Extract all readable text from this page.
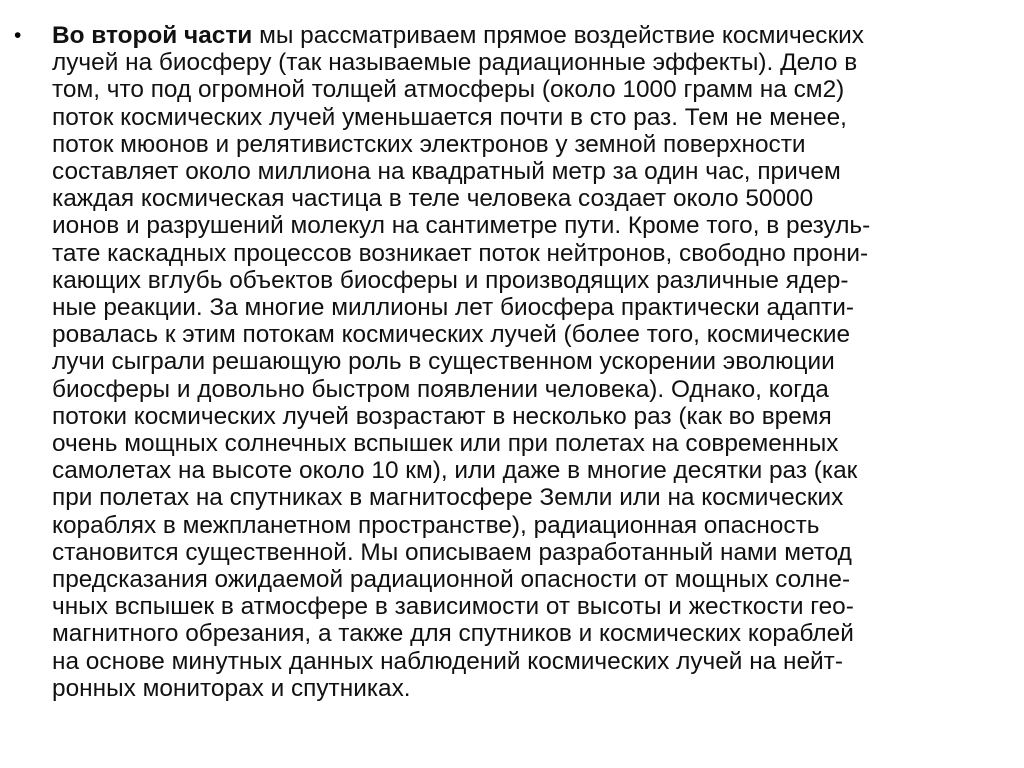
• Во второй части мы рассматриваем прямое воздействие космических
лучей на биосферу (так называемые радиационные эффекты). Дело в
том, что под огромной толщей атмосферы (около 1000 грамм на см2)
поток космических лучей уменьшается почти в сто раз. Тем не менее,
поток мюонов и релятивистских электронов у земной поверхности
составляет около миллиона на квадратный метр за один час, причем
каждая космическая частица в теле человека создает около 50000
ионов и разрушений молекул на сантиметре пути. Кроме того, в резуль-
тате каскадных процессов возникает поток нейтронов, свободно прони-
кающих вглубь объектов биосферы и производящих различные ядер-
ные реакции. За многие миллионы лет биосфера практически адапти-
ровалась к этим потокам космических лучей (более того, космические
лучи сыграли решающую роль в существенном ускорении эволюции
биосферы и довольно быстром появлении человека). Однако, когда
потоки космических лучей возрастают в несколько раз (как во время
очень мощных солнечных вспышек или при полетах на современных
самолетах на высоте около 10 км), или даже в многие десятки раз (как
при полетах на спутниках в магнитосфере Земли или на космических
кораблях в межпланетном пространстве), радиационная опасность
становится существенной. Мы описываем разработанный нами метод
предсказания ожидаемой радиационной опасности от мощных солне-
чных вспышек в атмосфере в зависимости от высоты и жесткости гео-
магнитного обрезания, а также для спутников и космических кораблей
на основе минутных данных наблюдений космических лучей на нейт-
ронных мониторах и спутниках.
